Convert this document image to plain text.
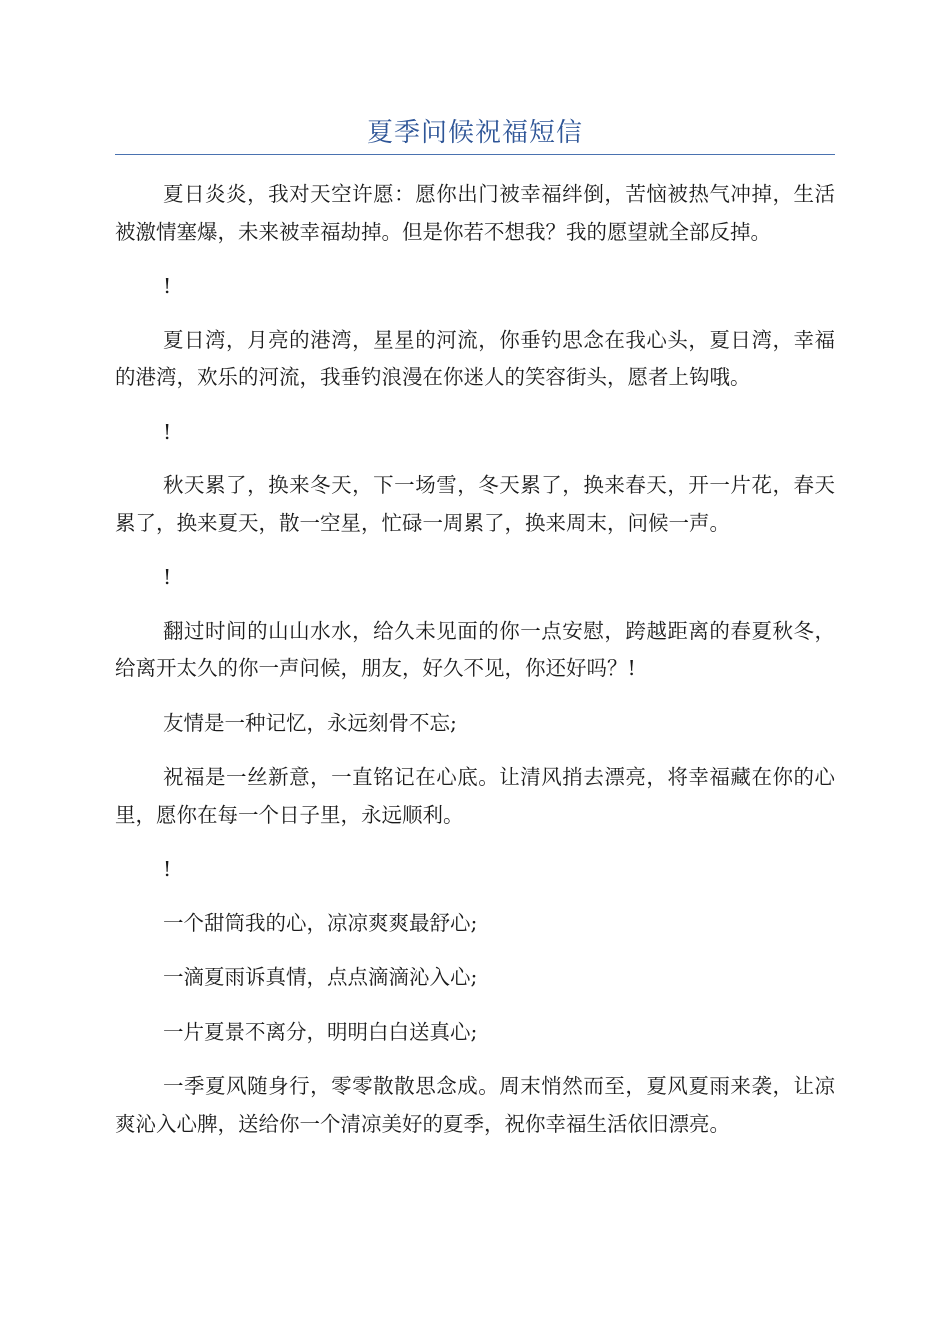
夏季问候祝福短信

夏日炎炎，我对天空许愿：愿你出门被幸福绊倒，苦恼被热气冲掉，生活被激情塞爆，未来被幸福劫掉。但是你若不想我？我的愿望就全部反掉。

!

夏日湾，月亮的港湾，星星的河流，你垂钓思念在我心头，夏日湾，幸福的港湾，欢乐的河流，我垂钓浪漫在你迷人的笑容街头，愿者上钩哦。

!

秋天累了，换来冬天，下一场雪，冬天累了，换来春天，开一片花，春天累了，换来夏天，散一空星，忙碌一周累了，换来周末，问候一声。

!

翻过时间的山山水水，给久未见面的你一点安慰，跨越距离的春夏秋冬，给离开太久的你一声问候，朋友，好久不见，你还好吗？!

友情是一种记忆，永远刻骨不忘;

祝福是一丝新意，一直铭记在心底。让清风捎去漂亮，将幸福藏在你的心里，愿你在每一个日子里，永远顺利。

!

一个甜筒我的心，凉凉爽爽最舒心;

一滴夏雨诉真情，点点滴滴沁入心;

一片夏景不离分，明明白白送真心;

一季夏风随身行，零零散散思念成。周末悄然而至，夏风夏雨来袭，让凉爽沁入心脾，送给你一个清凉美好的夏季，祝你幸福生活依旧漂亮。
